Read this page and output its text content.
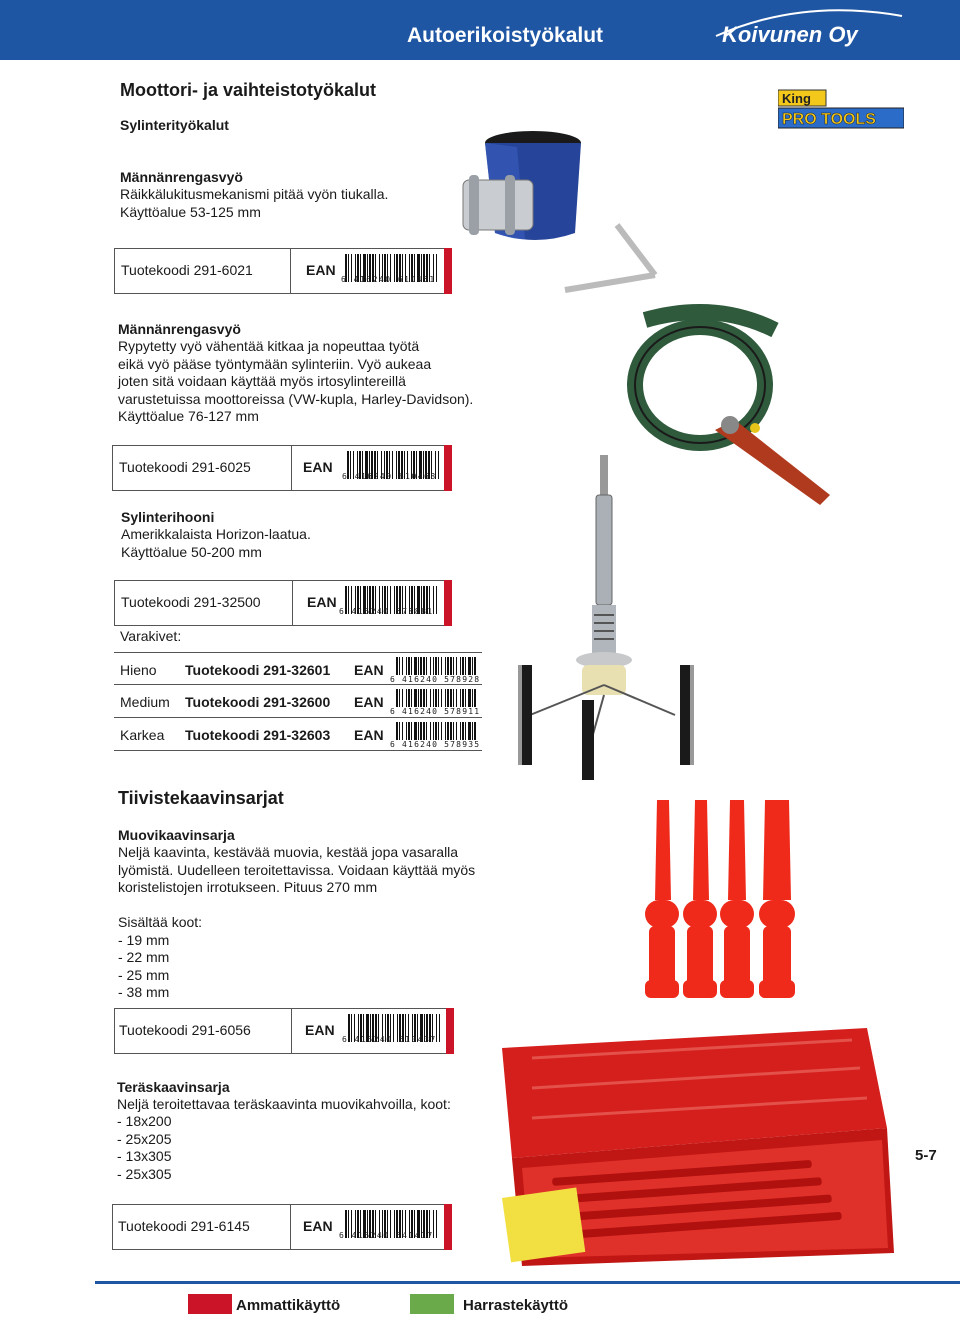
Autoerikoistyökalut	Koivunen Oy
King
PRO TOOLS
Moottori- ja vaihteistotyökalut
Sylinterityökalut
Männänrengasvyö
Räikkälukitusmekanismi pitää vyön tiukalla.
Käyttöalue 53-125 mm
Tuotekoodi 291-6021	EAN
6 416240 610451
Männänrengasvyö
Rypytetty vyö vähentää kitkaa ja nopeuttaa työtä
eikä vyö pääse työntymään sylinteriin. Vyö aukeaa
joten sitä voidaan käyttää myös irtosylintereillä
varustetuissa moottoreissa (VW-kupla, Harley-Davidson).
Käyttöalue 76-127 mm
Tuotekoodi 291-6025	EAN
6 416240 610468
Sylinterihooni
Amerikkalaista Horizon-laatua.
Käyttöalue 50-200 mm
Tuotekoodi 291-32500	EAN
6 416240 578881
Varakivet:
Hieno Tuotekoodi 291-32601 EAN
6 416240 578928
Medium Tuotekoodi 291-32600 EAN
6 416240 578911
Karkea Tuotekoodi 291-32603 EAN
6 416240 578935
Tiivistekaavinsarjat
Muovikaavinsarja
Neljä kaavinta, kestävää muovia, kestää jopa vasaralla
lyömistä. Uudelleen teroitettavissa. Voidaan käyttää myös
koristelistojen irrotukseen. Pituus 270 mm
Sisältää koot:
- 19 mm
- 22 mm
- 25 mm
- 38 mm
Tuotekoodi 291-6056	EAN
6 416240 610437
Teräskaavinsarja
Neljä teroitettavaa teräskaavinta muovikahvoilla, koot:
- 18x200
- 25x205
- 13x305
- 25x305
Tuotekoodi 291-6145	EAN
6 416240 641417
5-7
Ammattikäyttö	Harrastekäyttö
